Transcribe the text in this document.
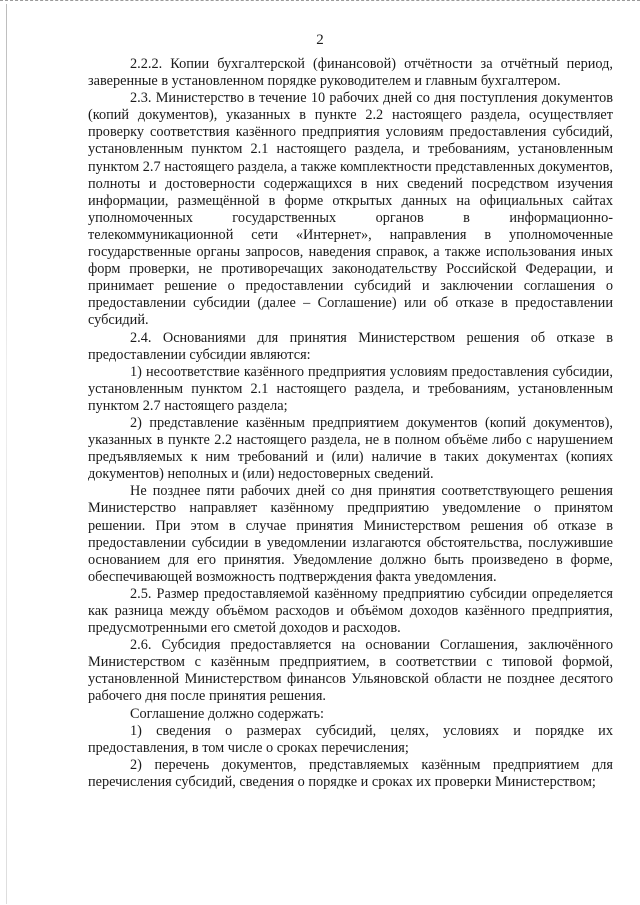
2

2.2.2. Копии бухгалтерской (финансовой) отчётности за отчётный период, заверенные в установленном порядке руководителем и главным бухгалтером.

2.3. Министерство в течение 10 рабочих дней со дня поступления документов (копий документов), указанных в пункте 2.2 настоящего раздела, осуществляет проверку соответствия казённого предприятия условиям предоставления субсидий, установленным пунктом 2.1 настоящего раздела, и требованиям, установленным пунктом 2.7 настоящего раздела, а также комплектности представленных документов, полноты и достоверности содержащихся в них сведений посредством изучения информации, размещённой в форме открытых данных на официальных сайтах уполномоченных государственных органов в информационно-телекоммуникационной сети «Интернет», направления в уполномоченные государственные органы запросов, наведения справок, а также использования иных форм проверки, не противоречащих законодательству Российской Федерации, и принимает решение о предоставлении субсидий и заключении соглашения о предоставлении субсидии (далее – Соглашение) или об отказе в предоставлении субсидий.

2.4. Основаниями для принятия Министерством решения об отказе в предоставлении субсидии являются:

1) несоответствие казённого предприятия условиям предоставления субсидии, установленным пунктом 2.1 настоящего раздела, и требованиям, установленным пунктом 2.7 настоящего раздела;

2) представление казённым предприятием документов (копий документов), указанных в пункте 2.2 настоящего раздела, не в полном объёме либо с нарушением предъявляемых к ним требований и (или) наличие в таких документах (копиях документов) неполных и (или) недостоверных сведений.

Не позднее пяти рабочих дней со дня принятия соответствующего решения Министерство направляет казённому предприятию уведомление о принятом решении. При этом в случае принятия Министерством решения об отказе в предоставлении субсидии в уведомлении излагаются обстоятельства, послужившие основанием для его принятия. Уведомление должно быть произведено в форме, обеспечивающей возможность подтверждения факта уведомления.

2.5. Размер предоставляемой казённому предприятию субсидии определяется как разница между объёмом расходов и объёмом доходов казённого предприятия, предусмотренными его сметой доходов и расходов.

2.6. Субсидия предоставляется на основании Соглашения, заключённого Министерством с казённым предприятием, в соответствии с типовой формой, установленной Министерством финансов Ульяновской области не позднее десятого рабочего дня после принятия решения.

Соглашение должно содержать:

1) сведения о размерах субсидий, целях, условиях и порядке их предоставления, в том числе о сроках перечисления;

2) перечень документов, представляемых казённым предприятием для перечисления субсидий, сведения о порядке и сроках их проверки Министерством;
